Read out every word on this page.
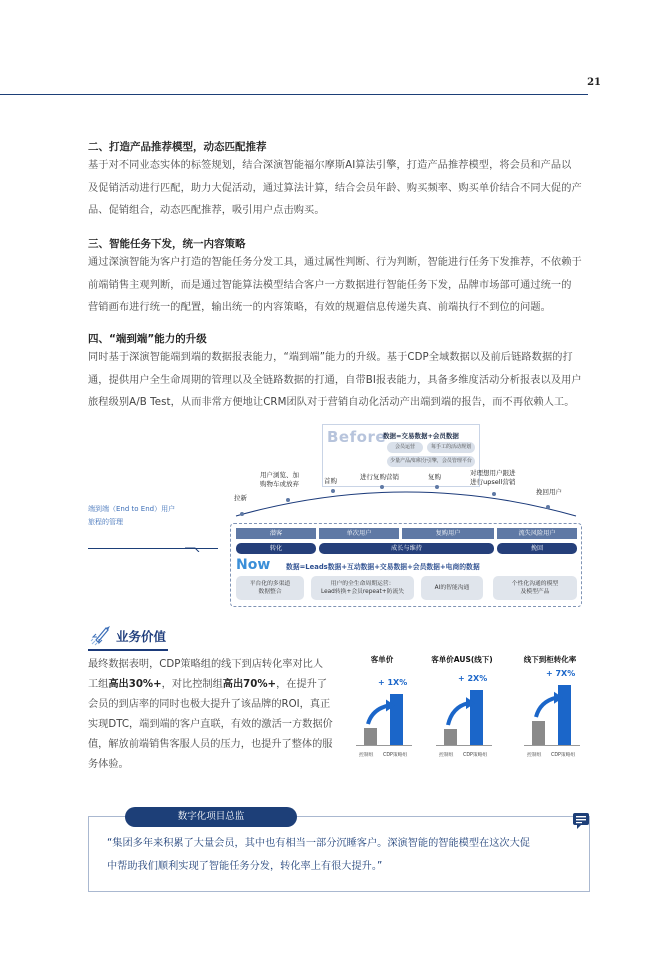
21
二、打造产品推荐模型，动态匹配推荐
基于对不同业态实体的标签规划，结合深演智能福尔摩斯AI算法引擎，打造产品推荐模型，将会员和产品以
及促销活动进行匹配，助力大促活动，通过算法计算，结合会员年龄、购买频率、购买单价结合不同大促的产
品、促销组合，动态匹配推荐，吸引用户点击购买。
三、智能任务下发，统一内容策略
通过深演智能为客户打造的智能任务分发工具，通过属性判断、行为判断，智能进行任务下发推荐，不依赖于
前端销售主观判断，而是通过智能算法模型结合客户一方数据进行智能任务下发，品牌市场部可通过统一的
营销画布进行统一的配置，输出统一的内容策略，有效的规避信息传递失真、前端执行不到位的问题。
四、“端到端”能力的升级
同时基于深演智能端到端的数据报表能力，“端到端”能力的升级。基于CDP全域数据以及前后链路数据的打
通，提供用户全生命周期的管理以及全链路数据的打通，自带BI报表能力，具备多维度活动分析报表以及用户
旅程级别A/B Test，从而非常方便地让CRM团队对于营销自动化活动产出端到端的报告，而不再依赖人工。
端到端（End to End）用户
旅程的管理
Before
数据=交易数据+会员数据
会员运营	每手工的活动规划
少量产品/如积分引擎，会员管理平台
拉新
用户浏览、加
购物车或放弃	首购	进行复购营销	复购	对理想用户跟进
进行upsell营销
挽回用户
潜客	单次用户	复购用户	流失风险用户
转化	成长与维持	挽回
Now 数据=Leads数据+互动数据+交易数据+会员数据+电商的数据
平台化的多渠道
数据整合
用户的全生命周期运营：
Lead转换+会员repeat+防流失
AI的智能沟通
个性化沟通的模型
及模型产品
业务价值
最终数据表明，CDP策略组的线下到店转化率对比人工组高出30%+，对比控制组高出70%+，在提升了会员的到店率的同时也极大提升了该品牌的ROI，真正实现DTC，端到端的客户直联，有效的激活一方数据价值，解放前端销售客服人员的压力，也提升了整体的服务体验。
客单价
控制组 CDP策略组
+ 1X%
客单价AUS(线下)
控制组 CDP策略组
+ 2X%
线下到柜转化率
控制组 CDP策略组
+ 7X%
数字化项目总监
“集团多年来积累了大量会员，其中也有相当一部分沉睡客户。深演智能的智能模型在这次大促
中帮助我们顺利实现了智能任务分发，转化率上有很大提升。”
